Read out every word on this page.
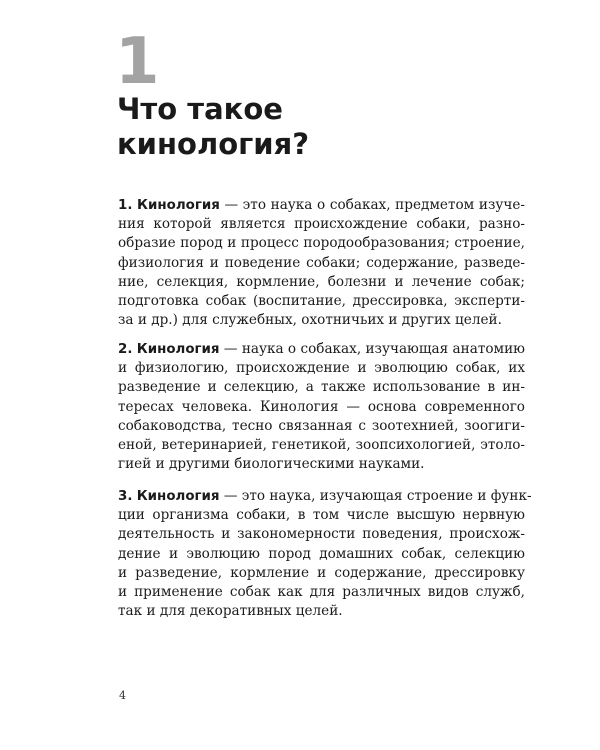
1
Что такое
кинология?

1. Кинология — это наука о собаках, предметом изуче-
ния которой является происхождение собаки, разно-
образие пород и процесс породообразования; строение,
физиология и поведение собаки; содержание, разведе-
ние, селекция, кормление, болезни и лечение собак;
подготовка собак (воспитание, дрессировка, эксперти-
за и др.) для служебных, охотничьих и других целей.

2. Кинология — наука о собаках, изучающая анатомию
и физиологию, происхождение и эволюцию собак, их
разведение и селекцию, а также использование в ин-
тересах человека. Кинология — основа современного
собаководства, тесно связанная с зоотехнией, зоогиги-
еной, ветеринарией, генетикой, зоопсихологией, этоло-
гией и другими биологическими науками.

3. Кинология — это наука, изучающая строение и функ-
ции организма собаки, в том числе высшую нервную
деятельность и закономерности поведения, происхож-
дение и эволюцию пород домашних собак, селекцию
и разведение, кормление и содержание, дрессировку
и применение собак как для различных видов служб,
так и для декоративных целей.

4
